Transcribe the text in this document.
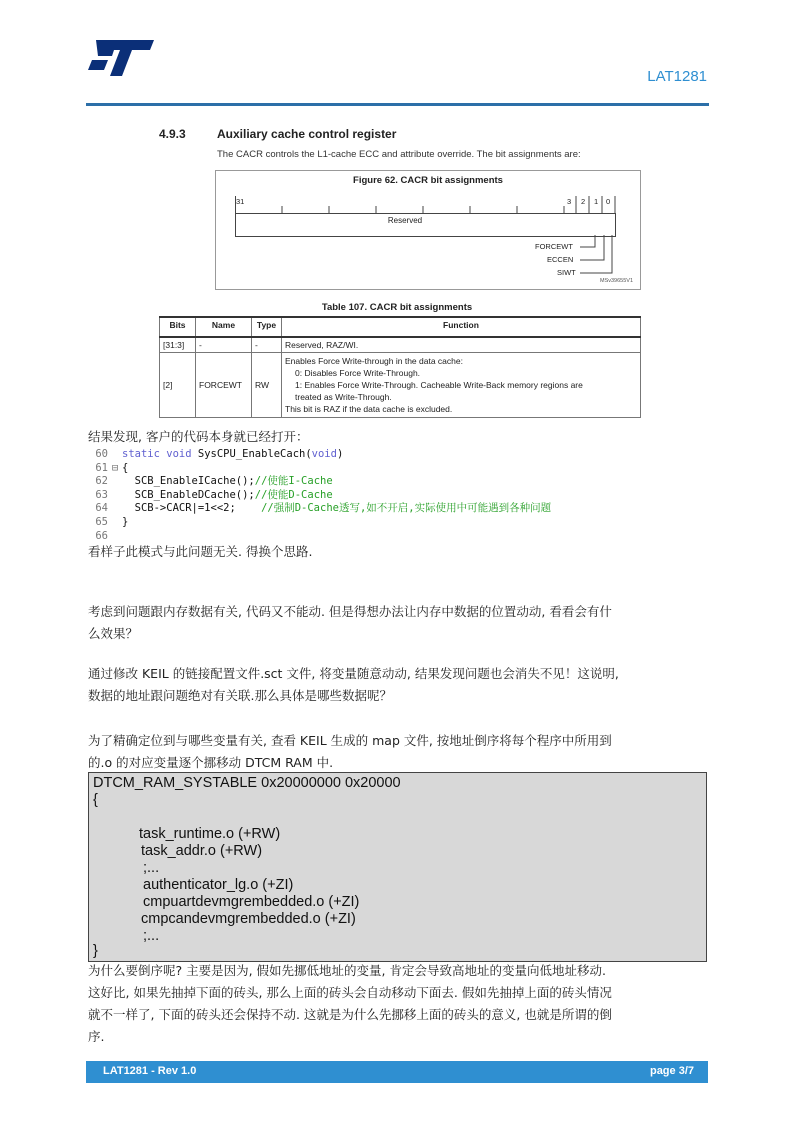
LAT1281
4.9.3	Auxiliary cache control register
The CACR controls the L1-cache ECC and attribute override. The bit assignments are:
Figure 62. CACR bit assignments
Reserved
31	3 2 1 0
FORCEWT
ECCEN
SIWT
MSv39655V1
Table 107. CACR bit assignments
Bits	Name	Type	Function
[31:3]	-	-	Reserved, RAZ/WI.
[2]	FORCEWT	RW	Enables Force Write-through in the data cache:
0: Disables Force Write-Through.
1: Enables Force Write-Through. Cacheable Write-Back memory regions are
treated as Write-Through.
This bit is RAZ if the data cache is excluded.
结果发现, 客户的代码本身就已经打开：
60 static void SysCPU_EnableCach(void)
61 ⊟ {
62 SCB_EnableICache(); //使能I-Cache
63 SCB_EnableDCache(); //使能D-Cache
64 SCB->CACR|=1<<2; //强制D-Cache透写,如不开启,实际使用中可能遇到各种问题
65 }
66
看样子此模式与此问题无关. 得换个思路.
考虑到问题跟内存数据有关, 代码又不能动. 但是得想办法让内存中数据的位置动动, 看看会有什
么效果？
通过修改 KEIL 的链接配置文件.sct 文件, 将变量随意动动, 结果发现问题也会消失不见！这说明,
数据的地址跟问题绝对有关联.那么具体是哪些数据呢？
为了精确定位到与哪些变量有关, 查看 KEIL 生成的 map 文件, 按地址倒序将每个程序中所用到
的.o 的对应变量逐个挪移动 DTCM RAM 中.
DTCM_RAM_SYSTABLE 0x20000000 0x20000
{
task_runtime.o (+RW)
task_addr.o (+RW)
;...
authenticator_lg.o (+ZI)
cmpuartdevmgrembedded.o (+ZI)
cmpcandevmgrembedded.o (+ZI)
;...
}
为什么要倒序呢? 主要是因为, 假如先挪低地址的变量, 肯定会导致高地址的变量向低地址移动.
这好比, 如果先抽掉下面的砖头, 那么上面的砖头会自动移动下面去. 假如先抽掉上面的砖头情况
就不一样了, 下面的砖头还会保持不动. 这就是为什么先挪移上面的砖头的意义, 也就是所谓的倒
序.
LAT1281 - Rev 1.0	page 3/7
